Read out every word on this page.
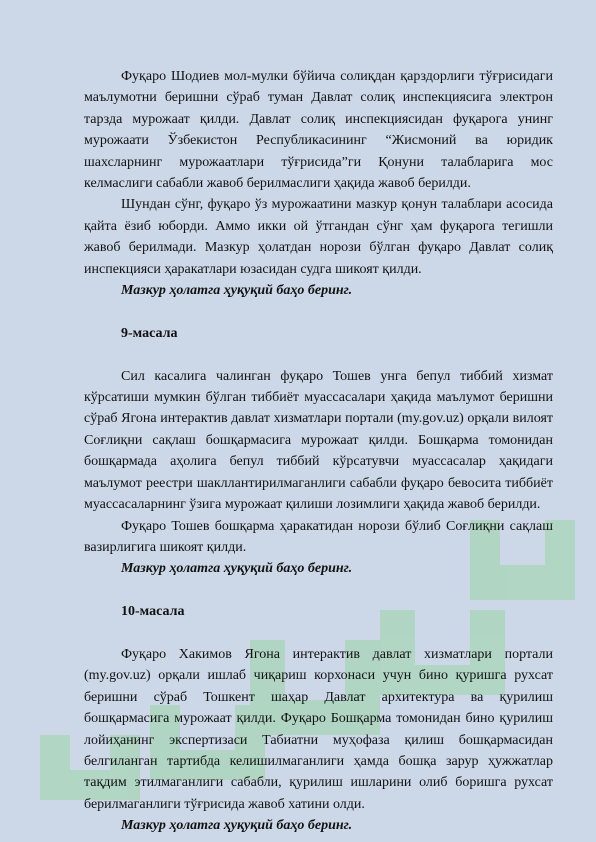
Фуқаро Шодиев мол-мулки бўйича солиқдан қарздорлиги тўғрисидаги маълумотни беришни сўраб туман Давлат солиқ инспекциясига электрон тарзда мурожаат қилди. Давлат солиқ инспекциясидан фуқарога унинг мурожаати Ўзбекистон Республикасининг “Жисмоний ва юридик шахсларнинг мурожаатлари тўғрисида”ги Қонуни талабларига мос келмаслиги сабабли жавоб берилмаслиги ҳақида жавоб берилди.

Шундан сўнг, фуқаро ўз мурожаатини мазкур қонун талаблари асосида қайта ёзиб юборди. Аммо икки ой ўтгандан сўнг ҳам фуқарога тегишли жавоб берилмади. Мазкур ҳолатдан норози бўлган фуқаро Давлат солиқ инспекцияси ҳаракатлари юзасидан судга шикоят қилди.

Мазкур ҳолатга ҳуқуқий баҳо беринг.

9-масала

Сил касалига чалинган фуқаро Тошев унга бепул тиббий хизмат кўрсатиши мумкин бўлган тиббиёт муассасалари ҳақида маълумот беришни сўраб Ягона интерактив давлат хизматлари портали (my.gov.uz) орқали вилоят Соғлиқни сақлаш бошқармасига мурожаат қилди. Бошқарма томонидан бошқармада аҳолига бепул тиббий кўрсатувчи муассасалар ҳақидаги маълумот реестри шакллантирилмаганлиги сабабли фуқаро бевосита тиббиёт муассасаларнинг ўзига мурожаат қилиши лозимлиги ҳақида жавоб берилди.

Фуқаро Тошев бошқарма ҳаракатидан норози бўлиб Соғлиқни сақлаш вазирлигига шикоят қилди.

Мазкур ҳолатга ҳуқуқий баҳо беринг.

10-масала

Фуқаро Хакимов Ягона интерактив давлат хизматлари портали (my.gov.uz) орқали ишлаб чиқариш корхонаси учун бино қуришга рухсат беришни сўраб Тошкент шаҳар Давлат архитектура ва қурилиш бошқармасига мурожаат қилди. Фуқаро Бошқарма томонидан бино қурилиш лойиҳанинг экспертизаси Табиатни муҳофаза қилиш бошқармасидан белгиланган тартибда келишилмаганлиги ҳамда бошқа зарур ҳужжатлар тақдим этилмаганлиги сабабли, қурилиш ишларини олиб боришга рухсат берилмаганлиги тўғрисида жавоб хатини олди.

Мазкур ҳолатга ҳуқуқий баҳо беринг.
